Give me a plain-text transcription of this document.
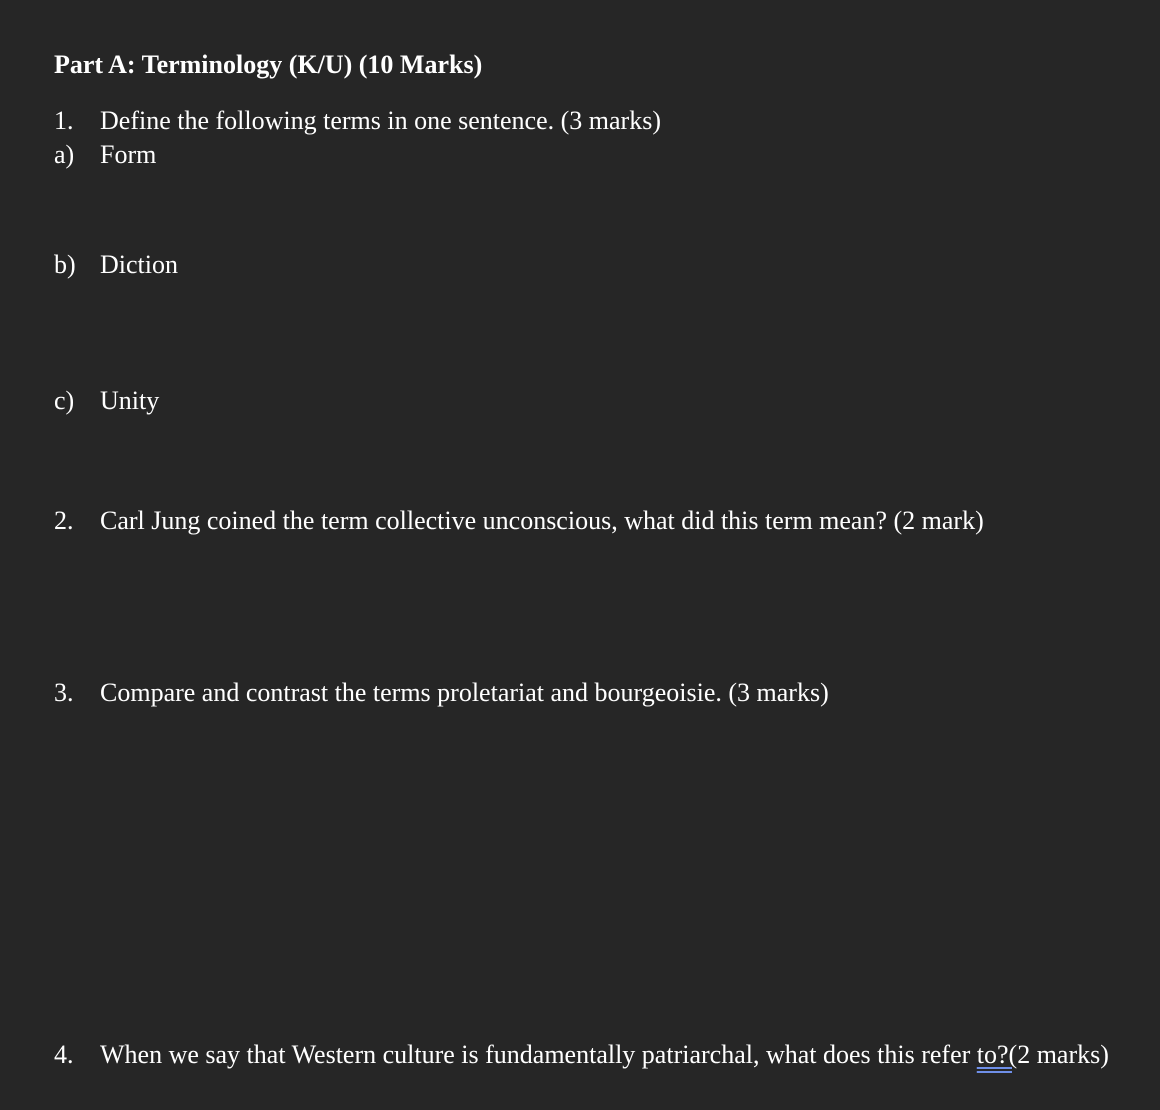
Part A: Terminology (K/U) (10 Marks)
1. Define the following terms in one sentence. (3 marks)
a) Form
b) Diction
c) Unity
2. Carl Jung coined the term collective unconscious, what did this term mean? (2 mark)
3. Compare and contrast the terms proletariat and bourgeoisie. (3 marks)
4. When we say that Western culture is fundamentally patriarchal, what does this refer to?(2 marks)
